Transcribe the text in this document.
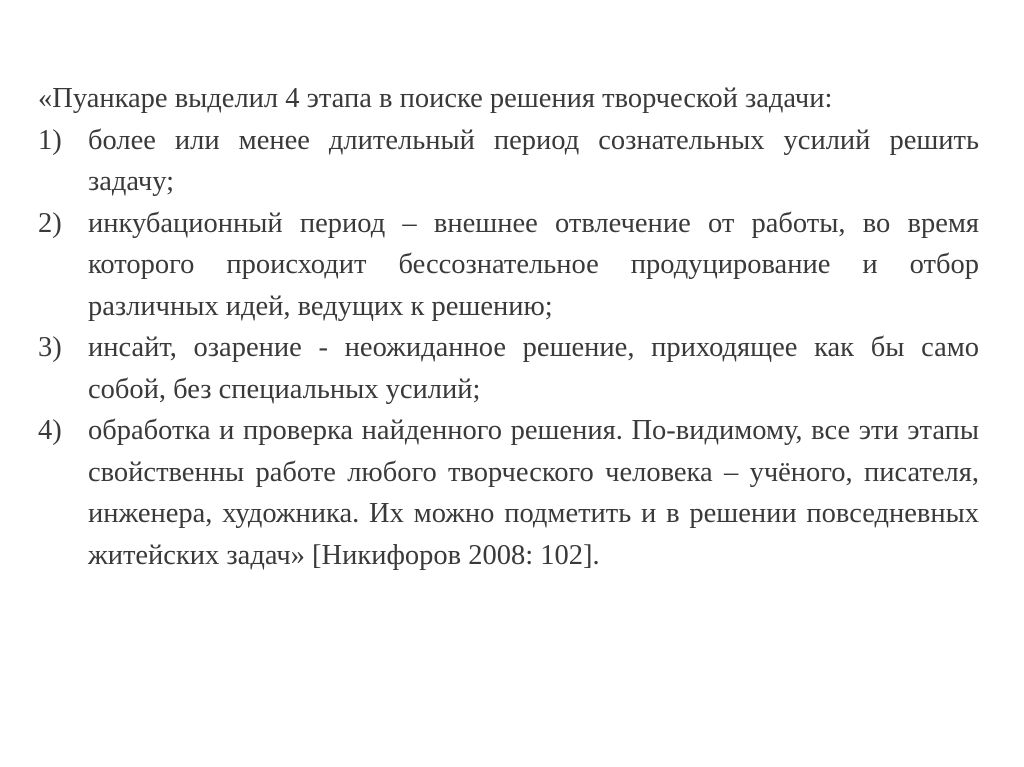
«Пуанкаре выделил 4 этапа в поиске решения творческой задачи:

1) более или менее длительный период сознательных усилий решить задачу;
2) инкубационный период – внешнее отвлечение от работы, во время которого происходит бессознательное продуцирование и отбор различных идей, ведущих к решению;
3) инсайт, озарение - неожиданное решение, приходящее как бы само собой, без специальных усилий;
4) обработка и проверка найденного решения. По-видимому, все эти этапы свойственны работе любого творческого человека – учёного, писателя, инженера, художника. Их можно подметить и в решении повседневных житейских задач» [Никифоров 2008: 102].
